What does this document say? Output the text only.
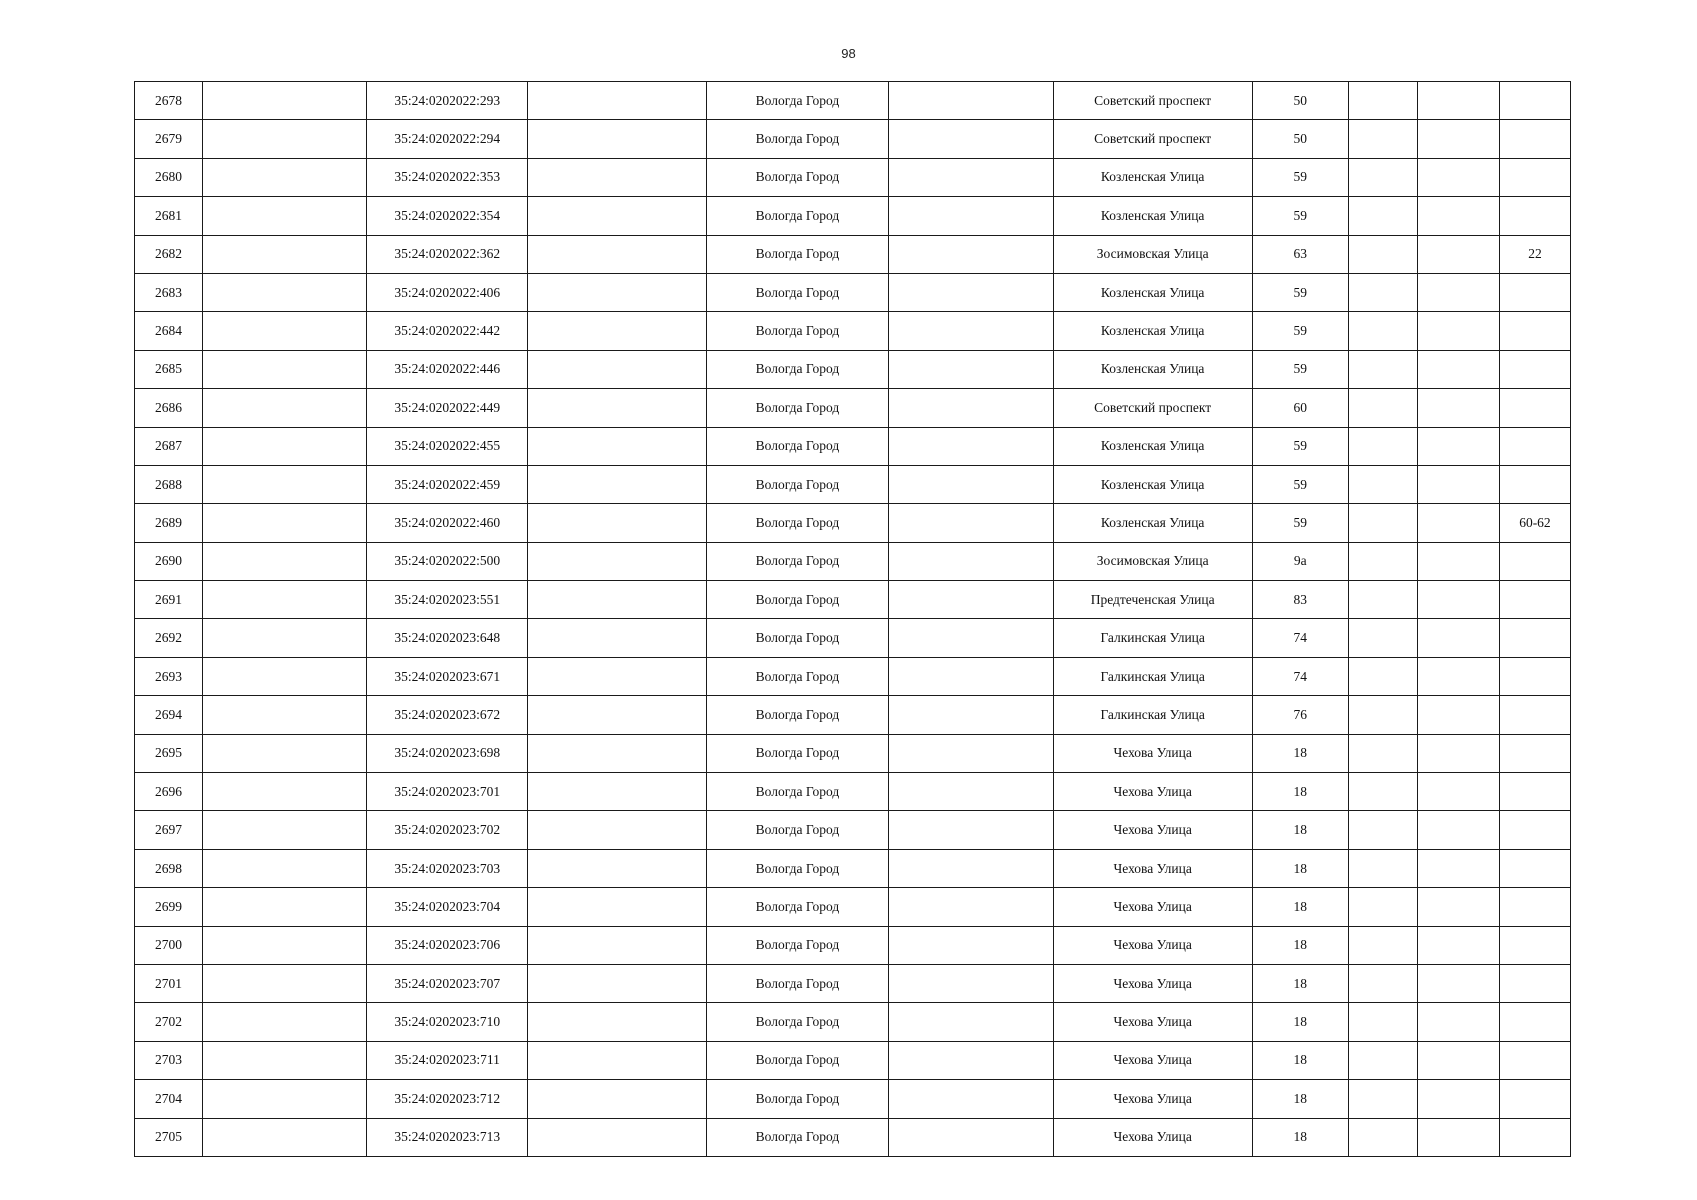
98
2678		35:24:0202022:293		Вологда Город		Советский проспект	50			
2679		35:24:0202022:294		Вологда Город		Советский проспект	50			
2680		35:24:0202022:353		Вологда Город		Козленская Улица	59			
2681		35:24:0202022:354		Вологда Город		Козленская Улица	59			
2682		35:24:0202022:362		Вологда Город		Зосимовская Улица	63			22
2683		35:24:0202022:406		Вологда Город		Козленская Улица	59			
2684		35:24:0202022:442		Вологда Город		Козленская Улица	59			
2685		35:24:0202022:446		Вологда Город		Козленская Улица	59			
2686		35:24:0202022:449		Вологда Город		Советский проспект	60			
2687		35:24:0202022:455		Вологда Город		Козленская Улица	59			
2688		35:24:0202022:459		Вологда Город		Козленская Улица	59			
2689		35:24:0202022:460		Вологда Город		Козленская Улица	59			60-62
2690		35:24:0202022:500		Вологда Город		Зосимовская Улица	9а			
2691		35:24:0202023:551		Вологда Город		Предтеченская Улица	83			
2692		35:24:0202023:648		Вологда Город		Галкинская Улица	74			
2693		35:24:0202023:671		Вологда Город		Галкинская Улица	74			
2694		35:24:0202023:672		Вологда Город		Галкинская Улица	76			
2695		35:24:0202023:698		Вологда Город		Чехова Улица	18			
2696		35:24:0202023:701		Вологда Город		Чехова Улица	18			
2697		35:24:0202023:702		Вологда Город		Чехова Улица	18			
2698		35:24:0202023:703		Вологда Город		Чехова Улица	18			
2699		35:24:0202023:704		Вологда Город		Чехова Улица	18			
2700		35:24:0202023:706		Вологда Город		Чехова Улица	18			
2701		35:24:0202023:707		Вологда Город		Чехова Улица	18			
2702		35:24:0202023:710		Вологда Город		Чехова Улица	18			
2703		35:24:0202023:711		Вологда Город		Чехова Улица	18			
2704		35:24:0202023:712		Вологда Город		Чехова Улица	18			
2705		35:24:0202023:713		Вологда Город		Чехова Улица	18			
